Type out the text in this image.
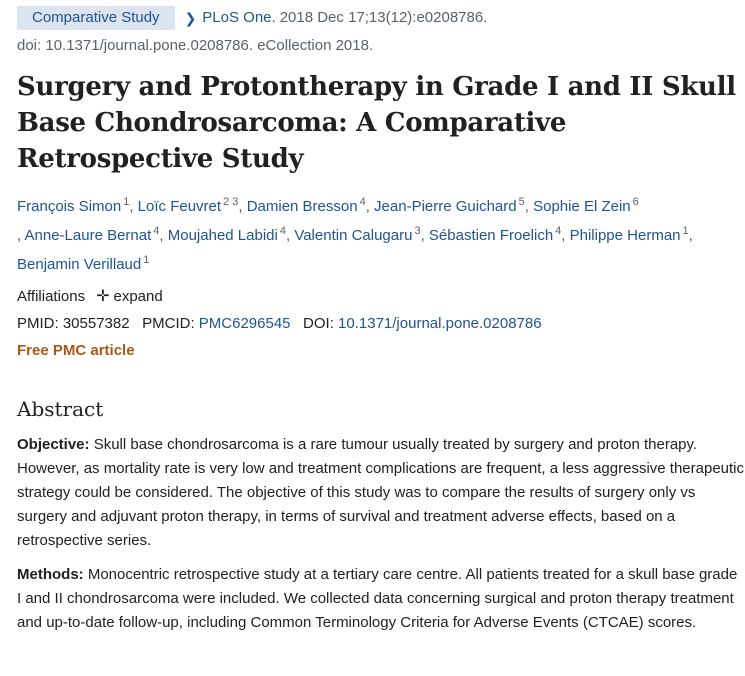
Comparative Study	❯ PLoS One. 2018 Dec 17;13(12):e0208786.
doi: 10.1371/journal.pone.0208786. eCollection 2018.
Surgery and Protontherapy in Grade I and II Skull Base Chondrosarcoma: A Comparative Retrospective Study
François Simon $^1$, Loïc Feuvret $^{2 3}$, Damien Bresson $^4$, Jean-Pierre Guichard $^5$, Sophie El Zein $^6$
, Anne-Laure Bernat $^4$, Moujahed Labidi $^4$, Valentin Calugaru $^3$, Sébastien Froelich $^4$, Philippe Herman $^1$, Benjamin Verillaud $^1$
Affiliations ✛ expand
PMID: 30557382 PMCID: PMC6296545 DOI: 10.1371/journal.pone.0208786
Free PMC article
Abstract
Objective: Skull base chondrosarcoma is a rare tumour usually treated by surgery and proton therapy. However, as mortality rate is very low and treatment complications are frequent, a less aggressive therapeutic strategy could be considered. The objective of this study was to compare the results of surgery only vs surgery and adjuvant proton therapy, in terms of survival and treatment adverse effects, based on a retrospective series.
Methods: Monocentric retrospective study at a tertiary care centre. All patients treated for a skull base grade I and II chondrosarcoma were included. We collected data concerning surgical and proton therapy treatment and up-to-date follow-up, including Common Terminology Criteria for Adverse Events (CTCAE) scores.
